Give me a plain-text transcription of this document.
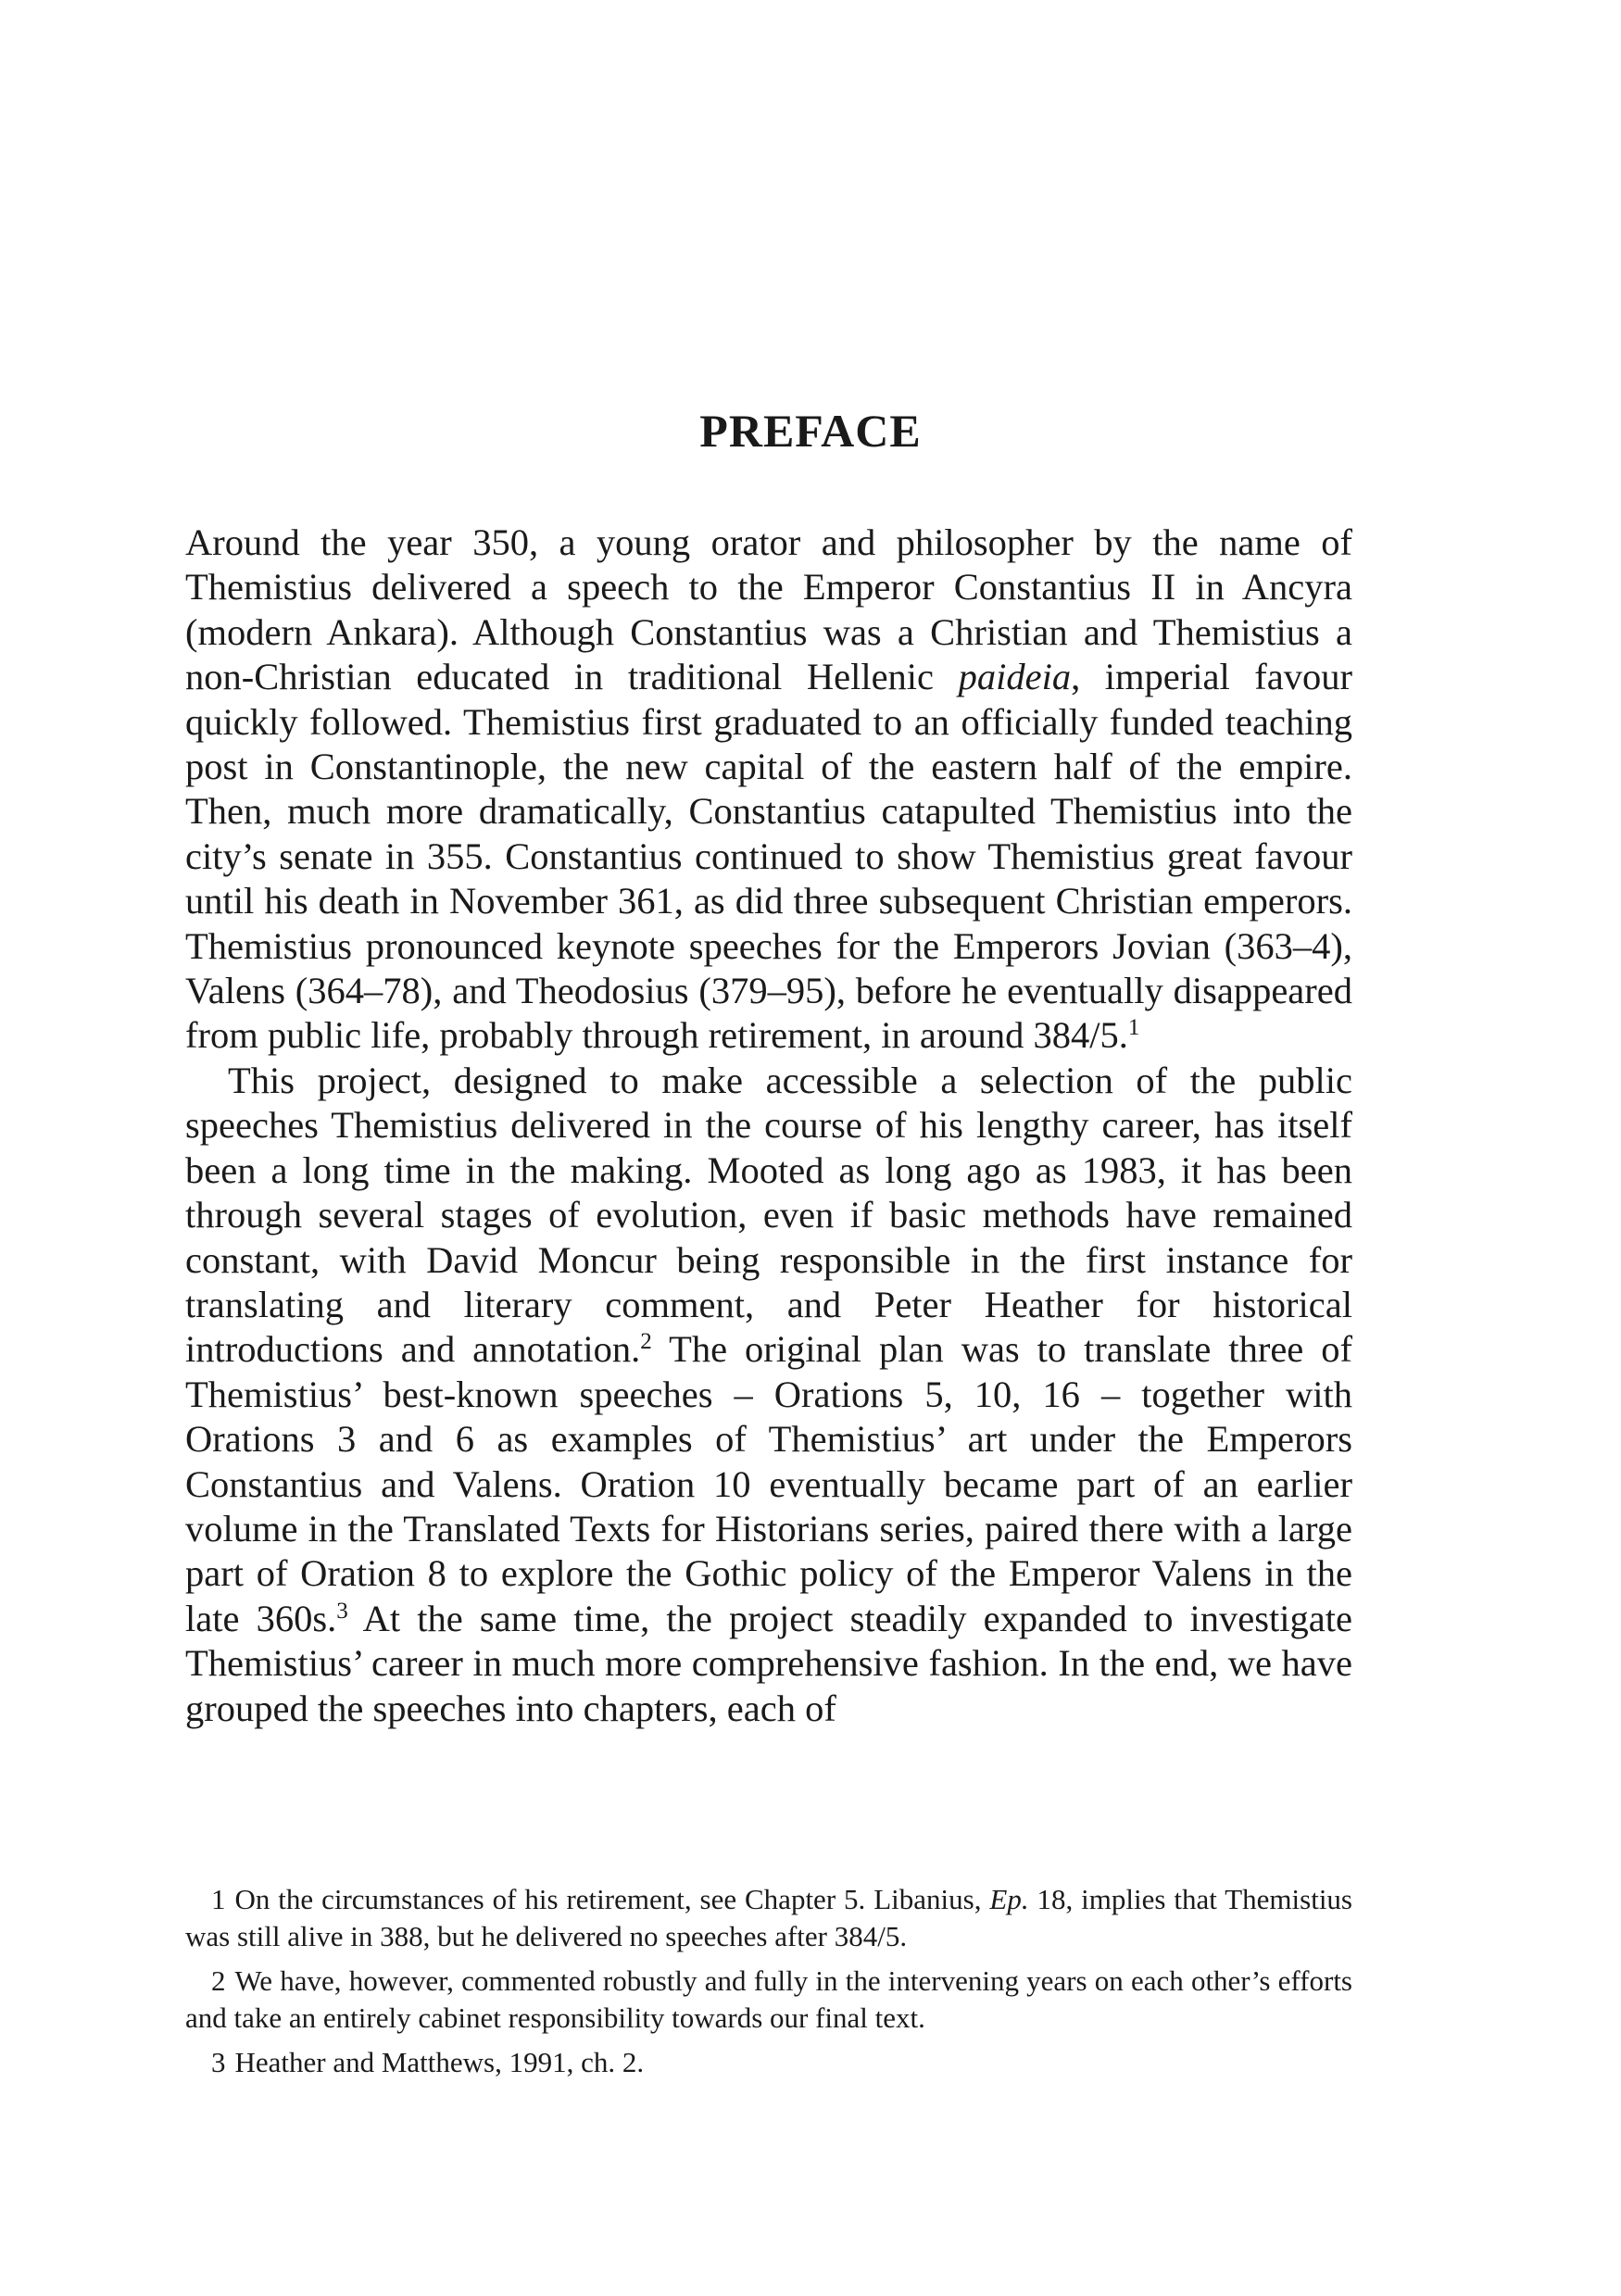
PREFACE

Around the year 350, a young orator and philosopher by the name of Themistius delivered a speech to the Emperor Constantius II in Ancyra (modern Ankara). Although Constantius was a Christian and Themistius a non-Christian educated in traditional Hellenic paideia, imperial favour quickly followed. Themistius first graduated to an officially funded teaching post in Constantinople, the new capital of the eastern half of the empire. Then, much more dramatically, Constantius catapulted Themistius into the city’s senate in 355. Constantius continued to show Themistius great favour until his death in November 361, as did three subsequent Christian emperors. Themistius pronounced keynote speeches for the Emperors Jovian (363–4), Valens (364–78), and Theodosius (379–95), before he eventually disappeared from public life, probably through retirement, in around 384/5.$^1$

This project, designed to make accessible a selection of the public speeches Themistius delivered in the course of his lengthy career, has itself been a long time in the making. Mooted as long ago as 1983, it has been through several stages of evolution, even if basic methods have remained constant, with David Moncur being responsible in the first instance for translating and literary comment, and Peter Heather for historical introductions and annotation.$^2$ The original plan was to translate three of Themistius’ best-known speeches – Orations 5, 10, 16 – together with Orations 3 and 6 as examples of Themistius’ art under the Emperors Constantius and Valens. Oration 10 eventually became part of an earlier volume in the Translated Texts for Historians series, paired there with a large part of Oration 8 to explore the Gothic policy of the Emperor Valens in the late 360s.$^3$ At the same time, the project steadily expanded to investigate Themistius’ career in much more comprehensive fashion. In the end, we have grouped the speeches into chapters, each of

1 On the circumstances of his retirement, see Chapter 5. Libanius, Ep. 18, implies that Themistius was still alive in 388, but he delivered no speeches after 384/5.

2 We have, however, commented robustly and fully in the intervening years on each other’s efforts and take an entirely cabinet responsibility towards our final text.

3 Heather and Matthews, 1991, ch. 2.
